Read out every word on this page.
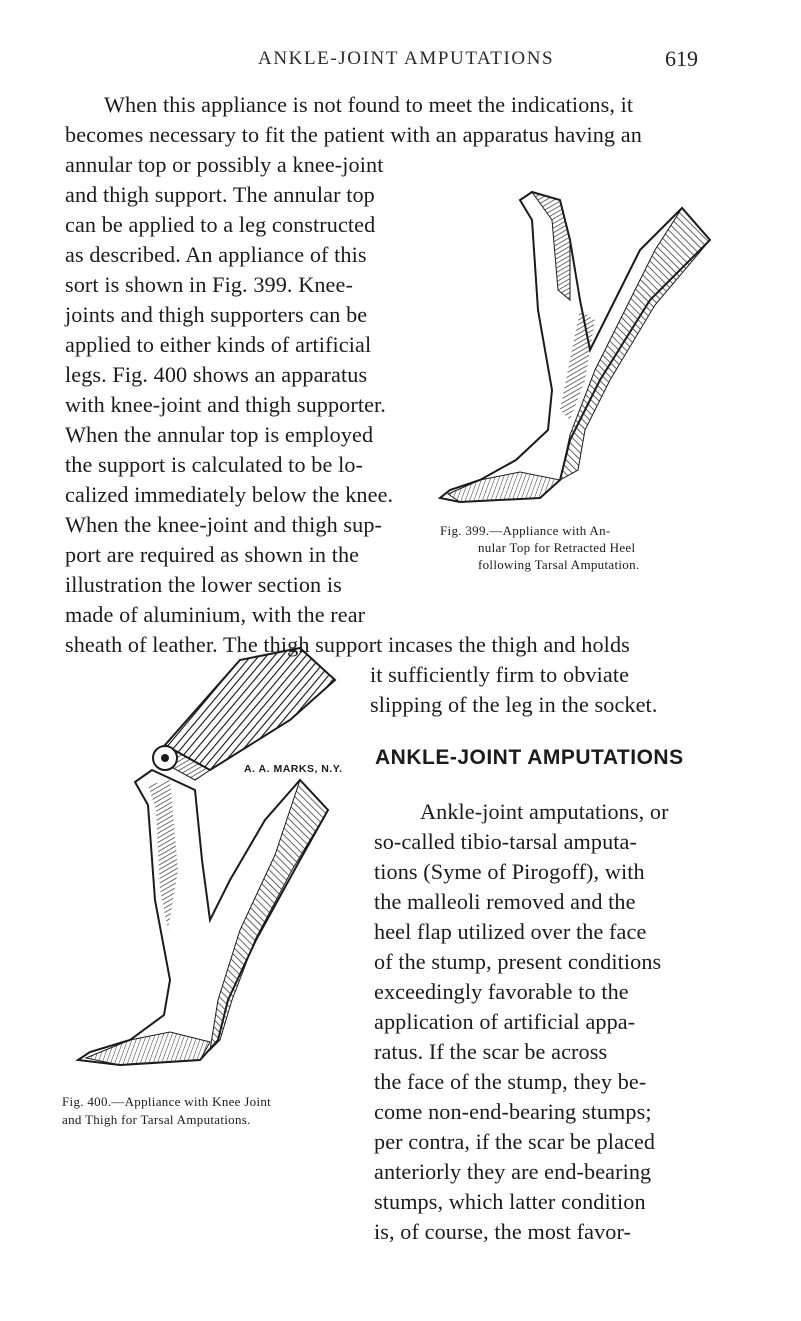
ANKLE-JOINT AMPUTATIONS	619
When this appliance is not found to meet the indications, it
becomes necessary to fit the patient with an apparatus having an
annular top or possibly a knee-joint
and thigh support. The annular top
can be applied to a leg constructed
as described. An appliance of this
sort is shown in Fig. 399. Knee-
joints and thigh supporters can be
applied to either kinds of artificial
legs. Fig. 400 shows an apparatus
with knee-joint and thigh supporter.
When the annular top is employed
the support is calculated to be lo-
calized immediately below the knee.
When the knee-joint and thigh sup-
port are required as shown in the
illustration the lower section is
made of aluminium, with the rear
sheath of leather. The thigh support incases the thigh and holds
it sufficiently firm to obviate
slipping of the leg in the socket.
Fig. 399.—Appliance with An-
nular Top for Retracted Heel
following Tarsal Amputation.
A. A. MARKS, N.Y.
Fig. 400.—Appliance with Knee Joint
and Thigh for Tarsal Amputations.
ANKLE-JOINT AMPUTATIONS
Ankle-joint amputations, or
so-called tibio-tarsal amputa-
tions (Syme of Pirogoff), with
the malleoli removed and the
heel flap utilized over the face
of the stump, present conditions
exceedingly favorable to the
application of artificial appa-
ratus. If the scar be across
the face of the stump, they be-
come non-end-bearing stumps;
per contra, if the scar be placed
anteriorly they are end-bearing
stumps, which latter condition
is, of course, the most favor-
